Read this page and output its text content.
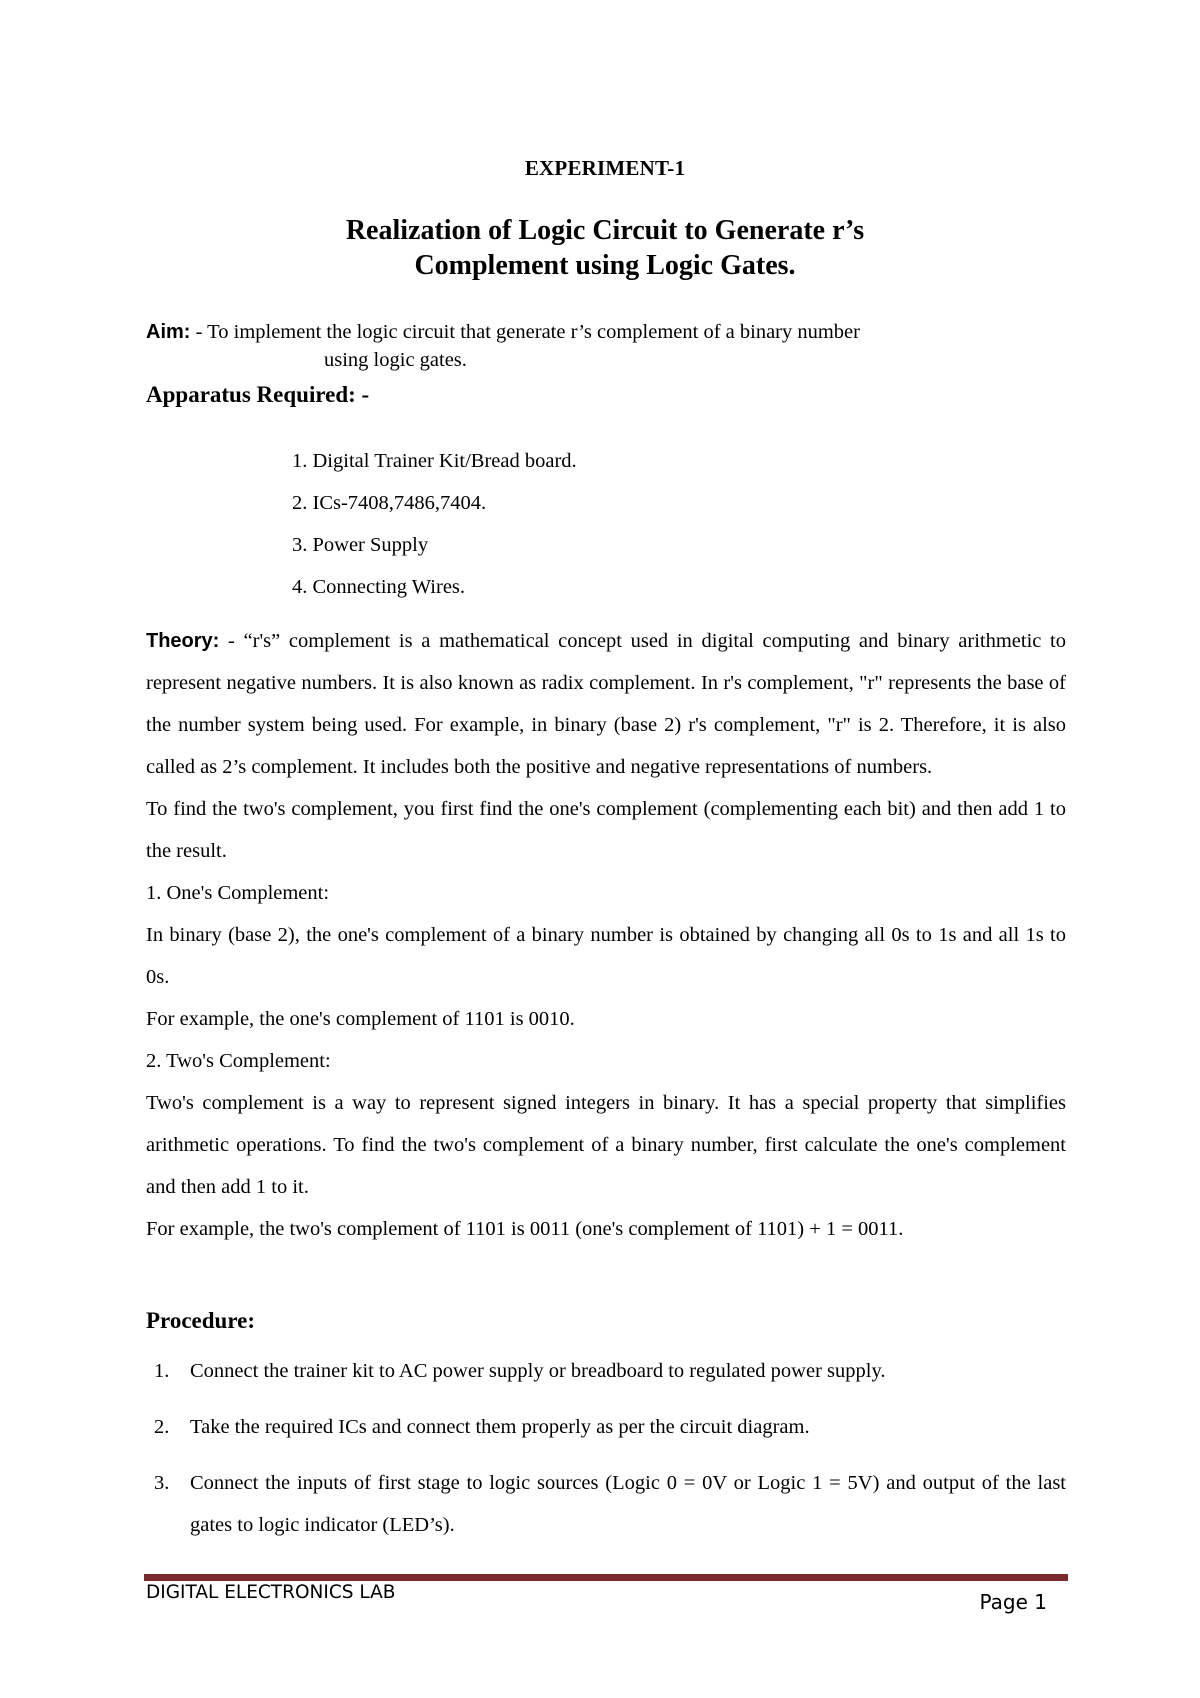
EXPERIMENT-1
Realization of Logic Circuit to Generate r’s
Complement using Logic Gates.
Aim: - To implement the logic circuit that generate r’s complement of a binary number
using logic gates.
Apparatus Required: -
1. Digital Trainer Kit/Bread board.
2. ICs-7408,7486,7404.
3. Power Supply
4. Connecting Wires.

Theory: - “r's” complement is a mathematical concept used in digital computing and binary arithmetic to represent negative numbers. It is also known as radix complement. In r's complement, "r" represents the base of the number system being used. For example, in binary (base 2) r's complement, "r" is 2. Therefore, it is also called as 2’s complement. It includes both the positive and negative representations of numbers.

To find the two's complement, you first find the one's complement (complementing each bit) and then add 1 to the result.

1. One's Complement:

In binary (base 2), the one's complement of a binary number is obtained by changing all 0s to 1s and all 1s to 0s.

For example, the one's complement of 1101 is 0010.

2. Two's Complement:

Two's complement is a way to represent signed integers in binary. It has a special property that simplifies arithmetic operations. To find the two's complement of a binary number, first calculate the one's complement and then add 1 to it.

For example, the two's complement of 1101 is 0011 (one's complement of 1101) + 1 = 0011.

Procedure:
1. Connect the trainer kit to AC power supply or breadboard to regulated power supply.
2. Take the required ICs and connect them properly as per the circuit diagram.
3. Connect the inputs of first stage to logic sources (Logic 0 = 0V or Logic 1 = 5V) and output of the last gates to logic indicator (LED’s).
DIGITAL ELECTRONICS LAB	Page 1
